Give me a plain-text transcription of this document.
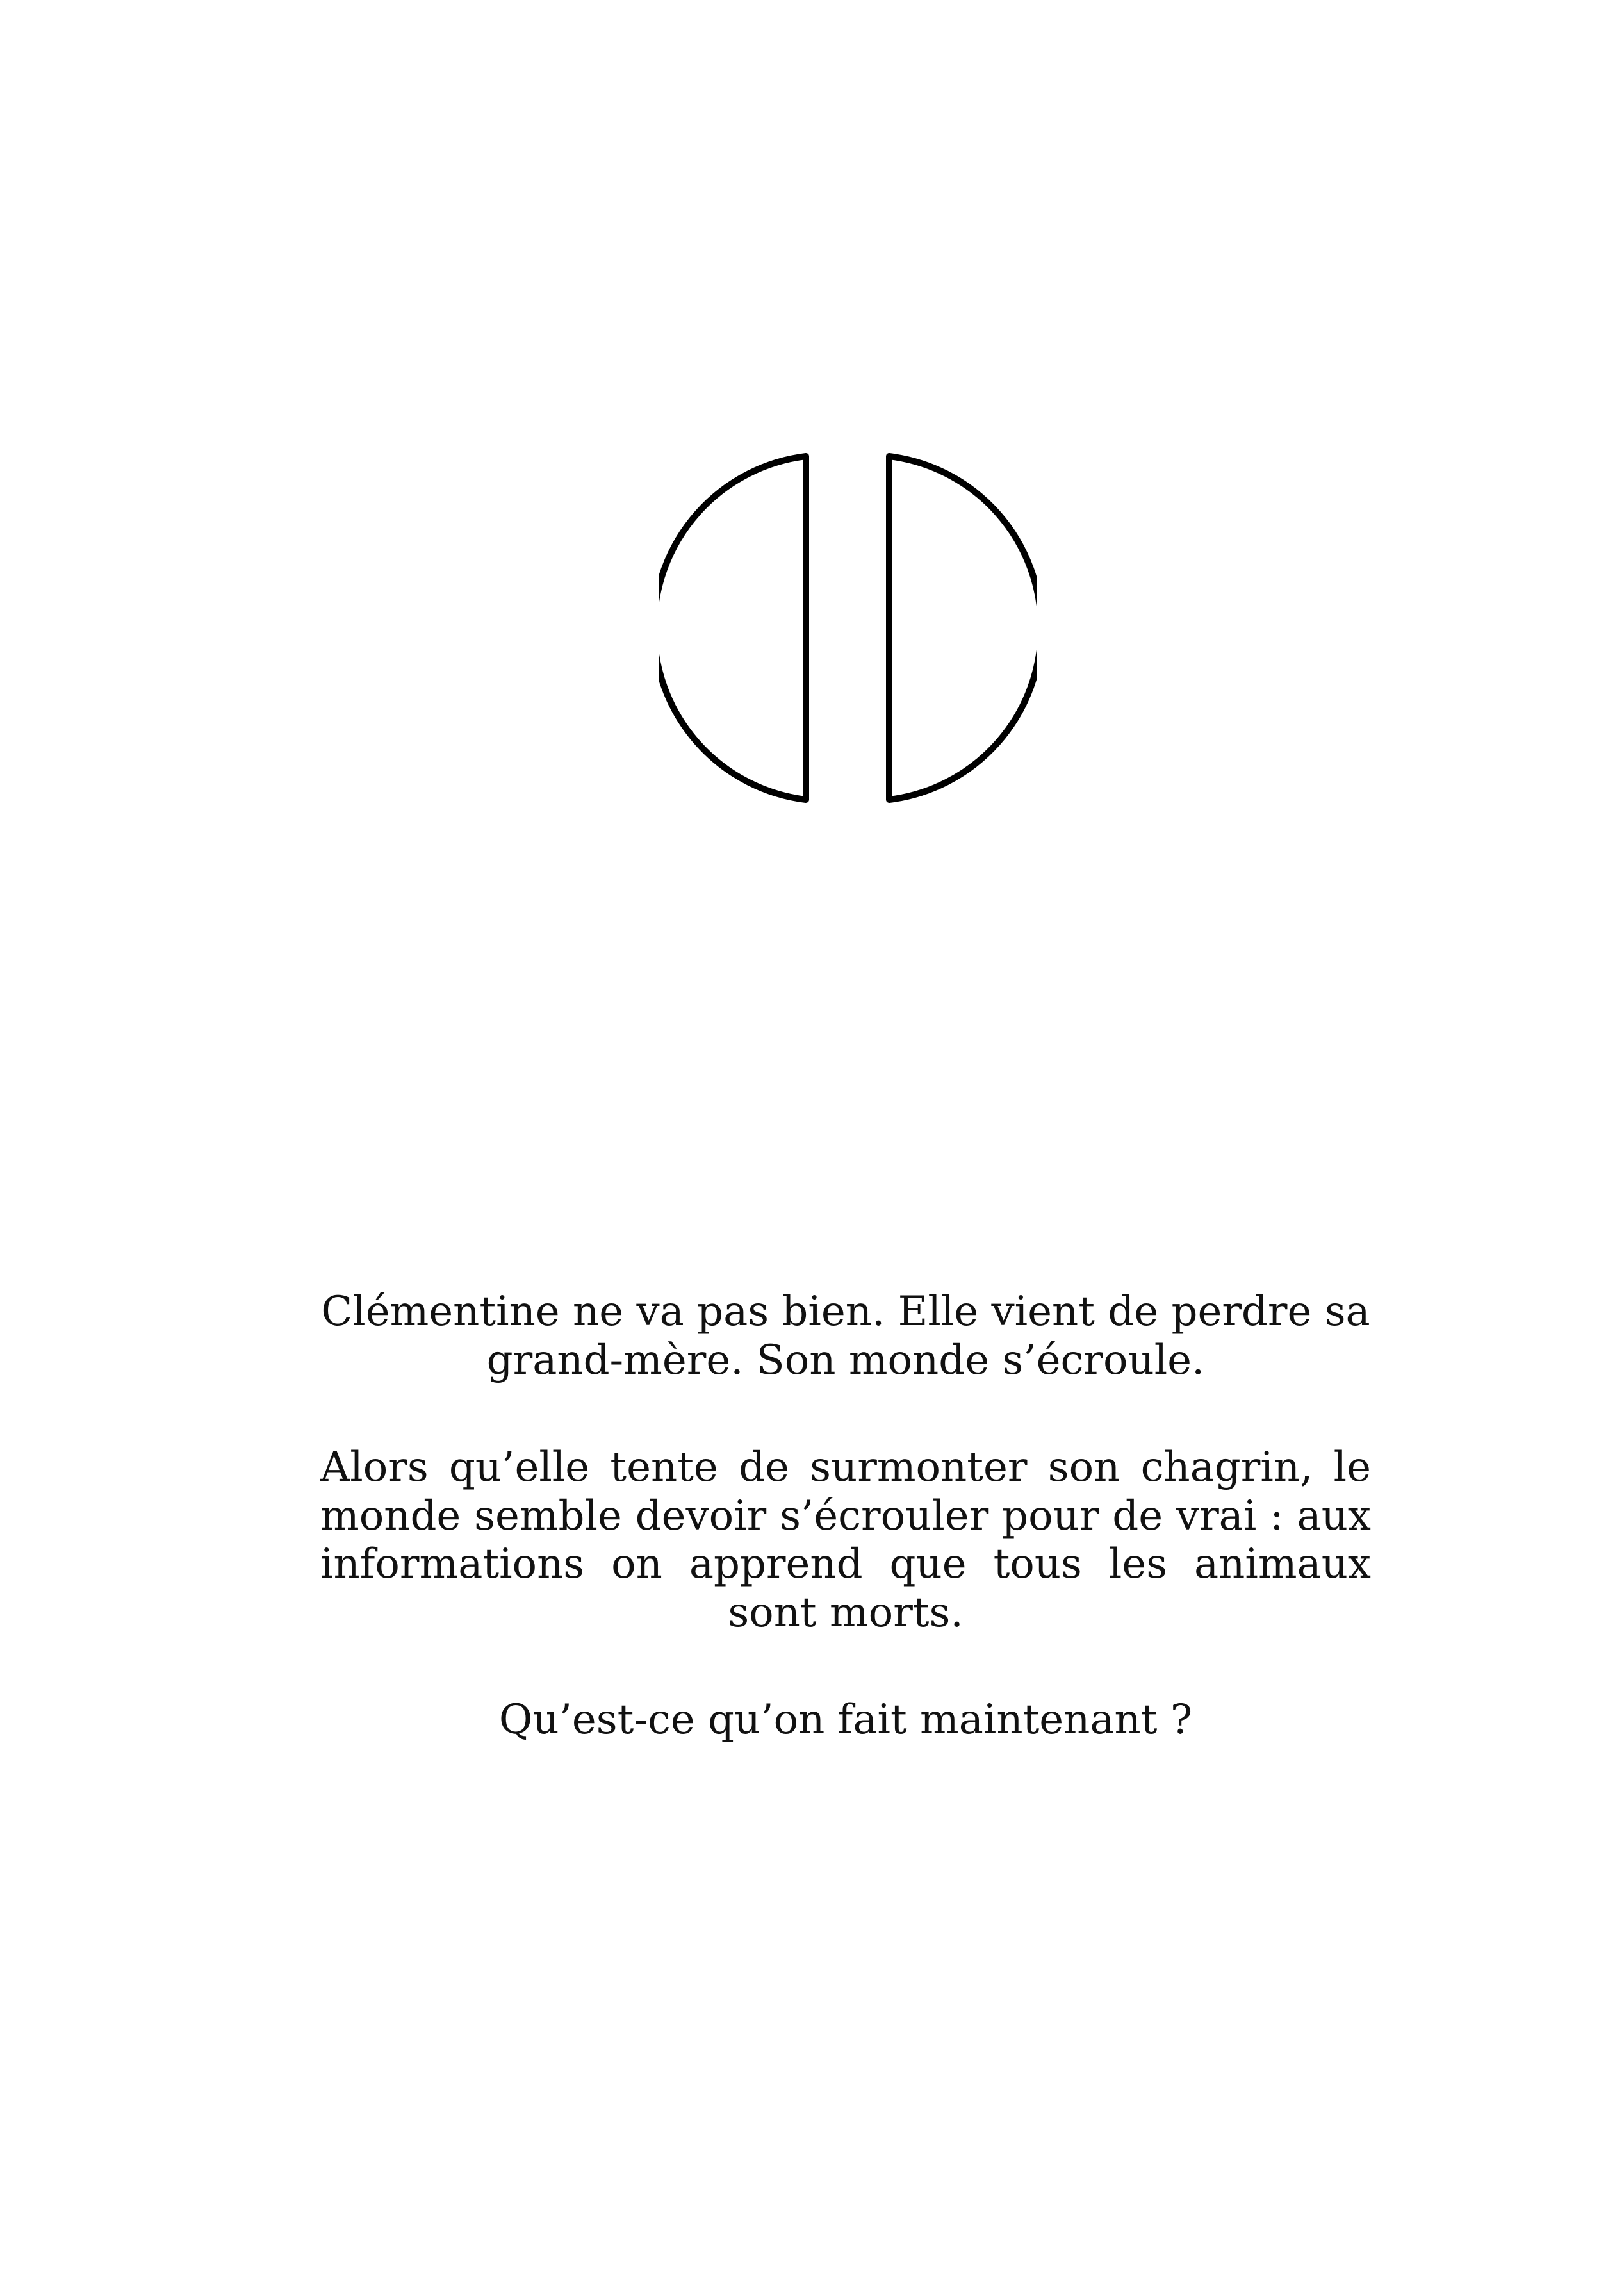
Clémentine ne va pas bien. Elle vient de perdre sa grand-mère. Son monde s’écroule.

Alors qu’elle tente de surmonter son chagrin, le monde semble devoir s’écrouler pour de vrai : aux informations on apprend que tous les animaux sont morts.

Qu’est-ce qu’on fait maintenant ?
